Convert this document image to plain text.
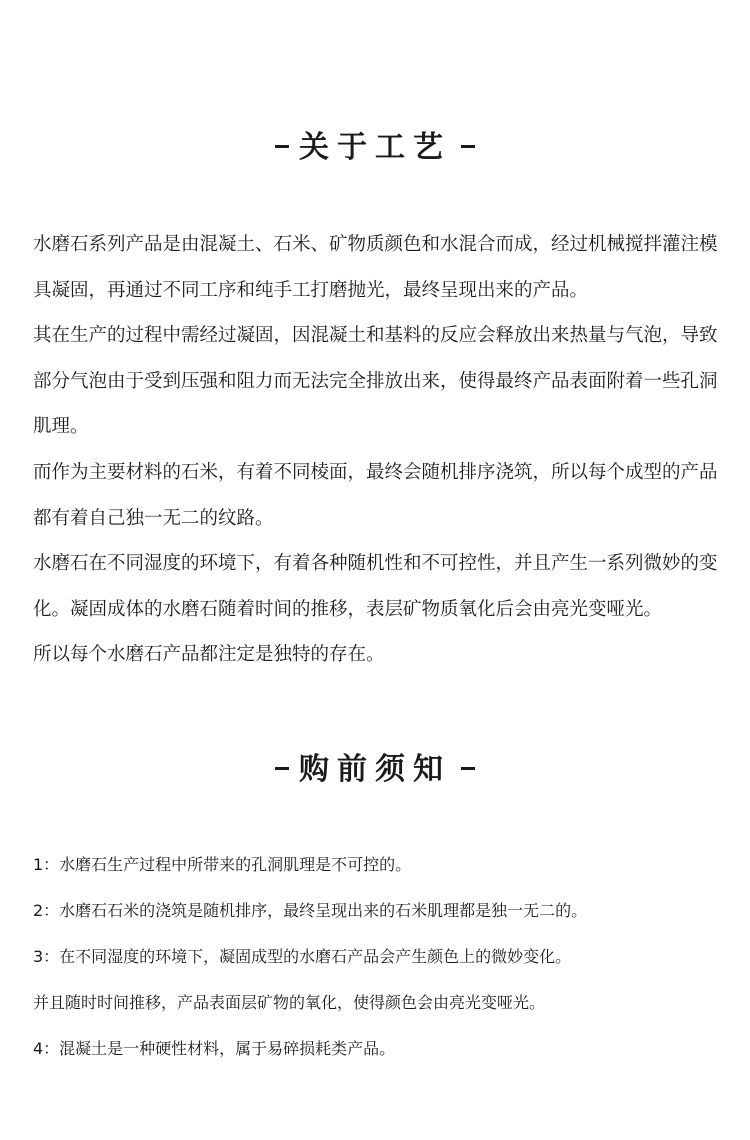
关于工艺

水磨石系列产品是由混凝土、石米、矿物质颜色和水混合而成，经过机械搅拌灌注模具凝固，再通过不同工序和纯手工打磨抛光，最终呈现出来的产品。

其在生产的过程中需经过凝固，因混凝土和基料的反应会释放出来热量与气泡，导致部分气泡由于受到压强和阻力而无法完全排放出来，使得最终产品表面附着一些孔洞肌理。

而作为主要材料的石米，有着不同棱面，最终会随机排序浇筑，所以每个成型的产品都有着自己独一无二的纹路。

水磨石在不同湿度的环境下，有着各种随机性和不可控性，并且产生一系列微妙的变化。凝固成体的水磨石随着时间的推移，表层矿物质氧化后会由亮光变哑光。

所以每个水磨石产品都注定是独特的存在。

购前须知

1：水磨石生产过程中所带来的孔洞肌理是不可控的。

2：水磨石石米的浇筑是随机排序，最终呈现出来的石米肌理都是独一无二的。

3：在不同湿度的环境下，凝固成型的水磨石产品会产生颜色上的微妙变化。

并且随时时间推移，产品表面层矿物的氧化，使得颜色会由亮光变哑光。

4：混凝土是一种硬性材料，属于易碎损耗类产品。
